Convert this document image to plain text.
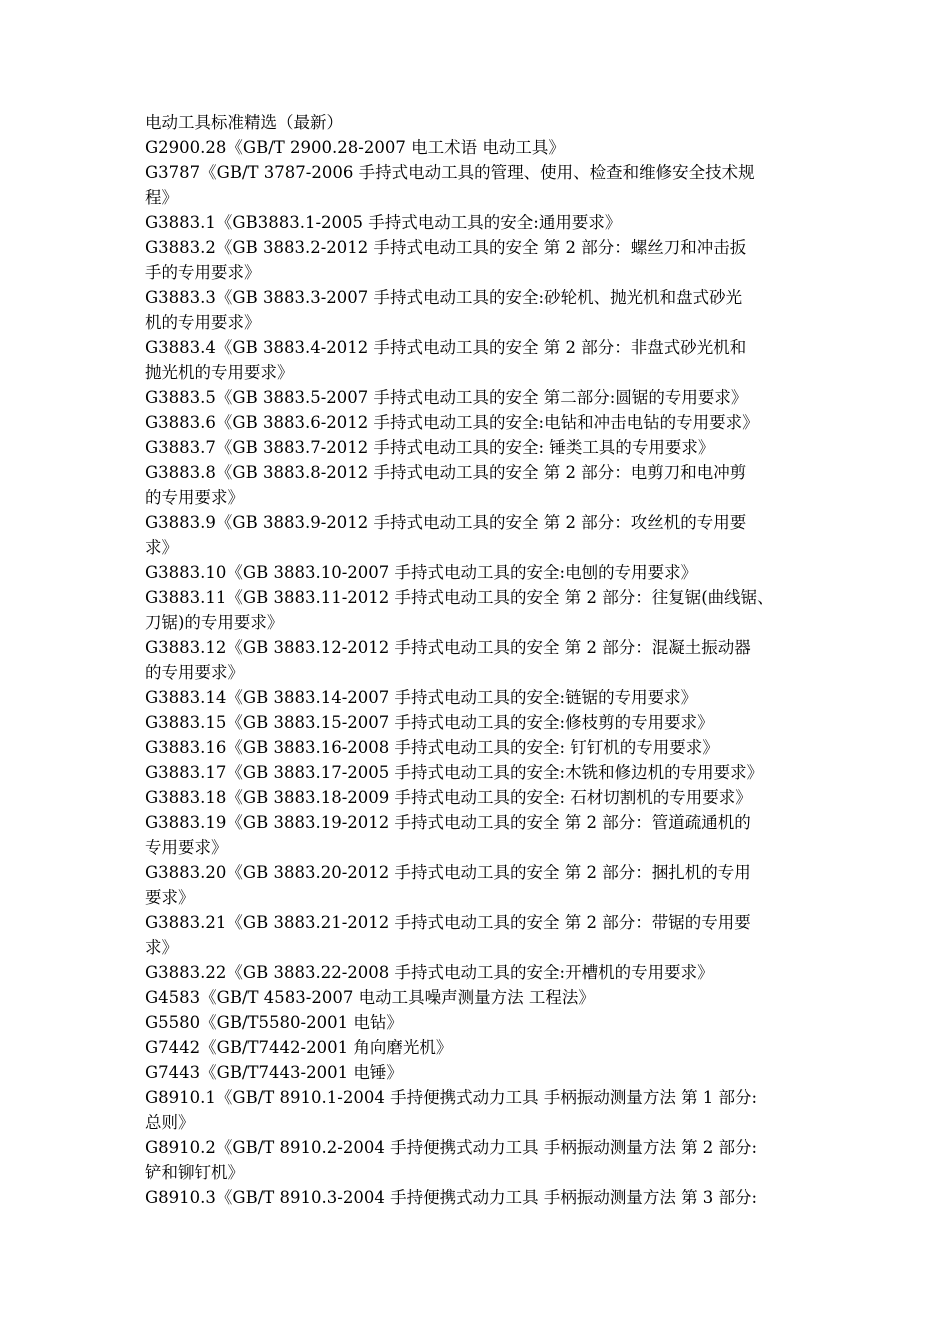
电动工具标准精选（最新）
G2900.28《GB/T 2900.28-2007 电工术语 电动工具》
G3787《GB/T 3787-2006 手持式电动工具的管理、使用、检查和维修安全技术规
程》
G3883.1《GB3883.1-2005 手持式电动工具的安全:通用要求》
G3883.2《GB 3883.2-2012 手持式电动工具的安全 第 2 部分：螺丝刀和冲击扳
手的专用要求》
G3883.3《GB 3883.3-2007 手持式电动工具的安全:砂轮机、抛光机和盘式砂光
机的专用要求》
G3883.4《GB 3883.4-2012 手持式电动工具的安全 第 2 部分：非盘式砂光机和
抛光机的专用要求》
G3883.5《GB 3883.5-2007 手持式电动工具的安全 第二部分:圆锯的专用要求》
G3883.6《GB 3883.6-2012 手持式电动工具的安全:电钻和冲击电钻的专用要求》
G3883.7《GB 3883.7-2012 手持式电动工具的安全: 锤类工具的专用要求》
G3883.8《GB 3883.8-2012 手持式电动工具的安全 第 2 部分：电剪刀和电冲剪
的专用要求》
G3883.9《GB 3883.9-2012 手持式电动工具的安全 第 2 部分：攻丝机的专用要
求》
G3883.10《GB 3883.10-2007 手持式电动工具的安全:电刨的专用要求》
G3883.11《GB 3883.11-2012 手持式电动工具的安全 第 2 部分：往复锯(曲线锯、
刀锯)的专用要求》
G3883.12《GB 3883.12-2012 手持式电动工具的安全 第 2 部分：混凝土振动器
的专用要求》
G3883.14《GB 3883.14-2007 手持式电动工具的安全:链锯的专用要求》
G3883.15《GB 3883.15-2007 手持式电动工具的安全:修枝剪的专用要求》
G3883.16《GB 3883.16-2008 手持式电动工具的安全: 钉钉机的专用要求》
G3883.17《GB 3883.17-2005 手持式电动工具的安全:木铣和修边机的专用要求》
G3883.18《GB 3883.18-2009 手持式电动工具的安全: 石材切割机的专用要求》
G3883.19《GB 3883.19-2012 手持式电动工具的安全 第 2 部分：管道疏通机的
专用要求》
G3883.20《GB 3883.20-2012 手持式电动工具的安全 第 2 部分：捆扎机的专用
要求》
G3883.21《GB 3883.21-2012 手持式电动工具的安全 第 2 部分：带锯的专用要
求》
G3883.22《GB 3883.22-2008 手持式电动工具的安全:开槽机的专用要求》
G4583《GB/T 4583-2007 电动工具噪声测量方法 工程法》
G5580《GB/T5580-2001 电钻》
G7442《GB/T7442-2001 角向磨光机》
G7443《GB/T7443-2001 电锤》
G8910.1《GB/T 8910.1-2004 手持便携式动力工具 手柄振动测量方法 第 1 部分:
总则》
G8910.2《GB/T 8910.2-2004 手持便携式动力工具 手柄振动测量方法 第 2 部分:
铲和铆钉机》
G8910.3《GB/T 8910.3-2004 手持便携式动力工具 手柄振动测量方法 第 3 部分:
